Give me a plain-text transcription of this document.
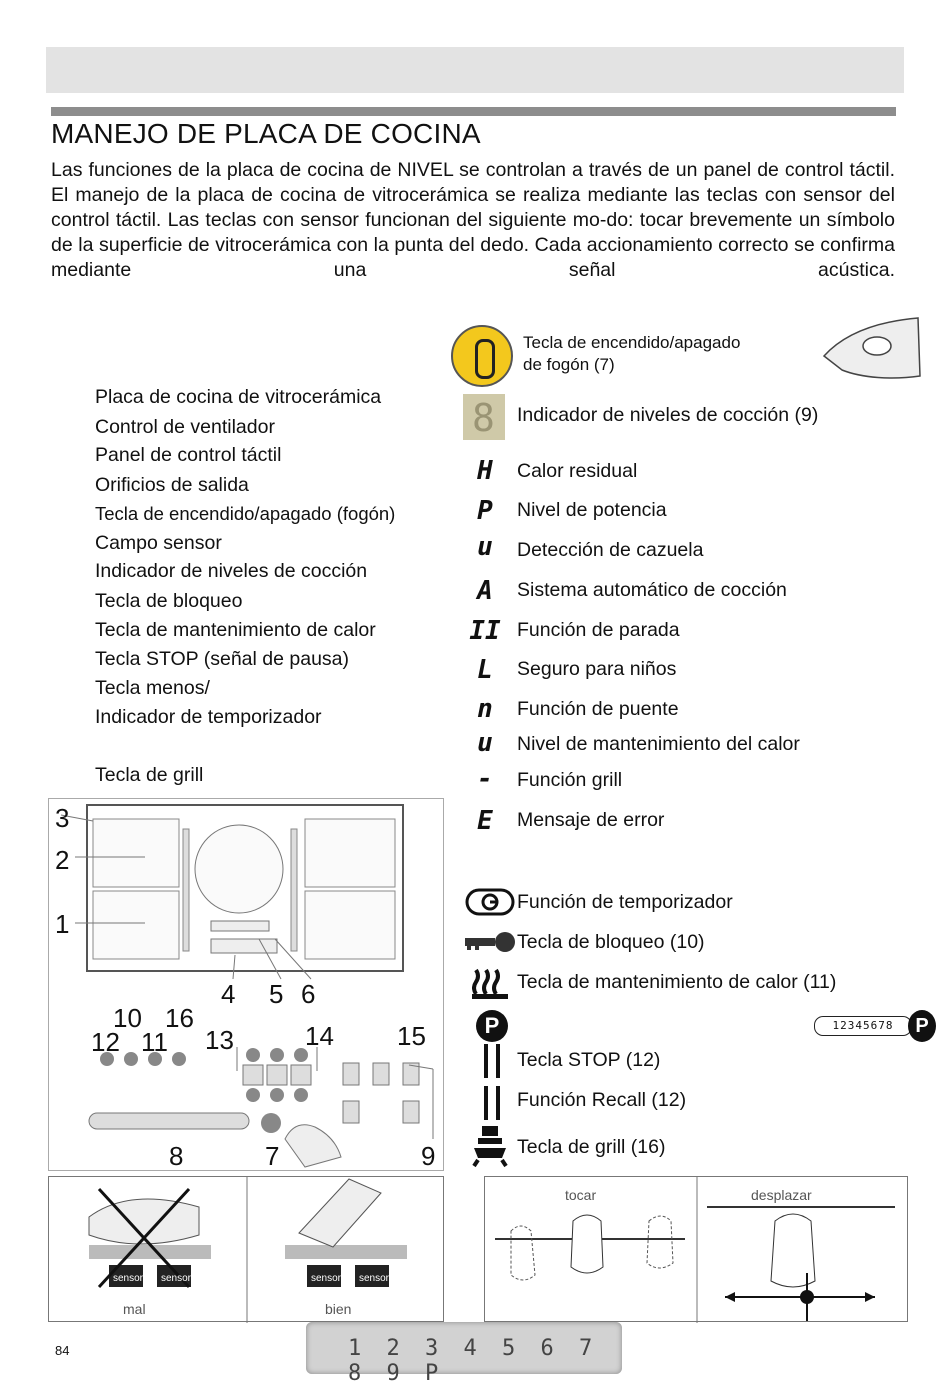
MANEJO DE PLACA DE COCINA

Las funciones de la placa de cocina de NIVEL se controlan a través de un panel de control táctil. El manejo de la placa de cocina de vitrocerámica se realiza mediante las teclas con sensor del control táctil. Las teclas con sensor funcionan del siguiente mo-do: tocar brevemente un símbolo de la superficie de vitrocerámica con la punta del dedo. Cada accionamiento correcto se confirma mediante una señal acústica.

Placa de cocina de vitrocerámica
Control de ventilador
Panel de control táctil
Orificios de salida
Tecla de encendido/apagado (fogón)
Campo sensor
Indicador de niveles de cocción
Tecla de bloqueo
Tecla de mantenimiento de calor
Tecla STOP (señal de pausa)
Tecla menos/
Indicador de temporizador
Tecla de grill
Tecla de encendido/apagado
de fogón (7)
8 Indicador de niveles de cocción (9)
H	Calor residual
P	Nivel de potencia
u	Detección de cazuela
A	Sistema automático de cocción
II Función de parada
L	Seguro para niños
n	Función de puente
u	Nivel de mantenimiento del calor
-	Función grill
E	Mensaje de error
Función de temporizador
Tecla de bloqueo (10)
Tecla de mantenimiento de calor (11)
P	12345678	P
Tecla STOP (12)
Función Recall (12)
Tecla de grill (16)
3
2
1
4 5 6
10 16
12 11 13	14 15
8	7	9
sensor sensor	sensor sensor
mal	bien
tocar	desplazar
84	1 2 3 4 5 6 7 8 9 P
